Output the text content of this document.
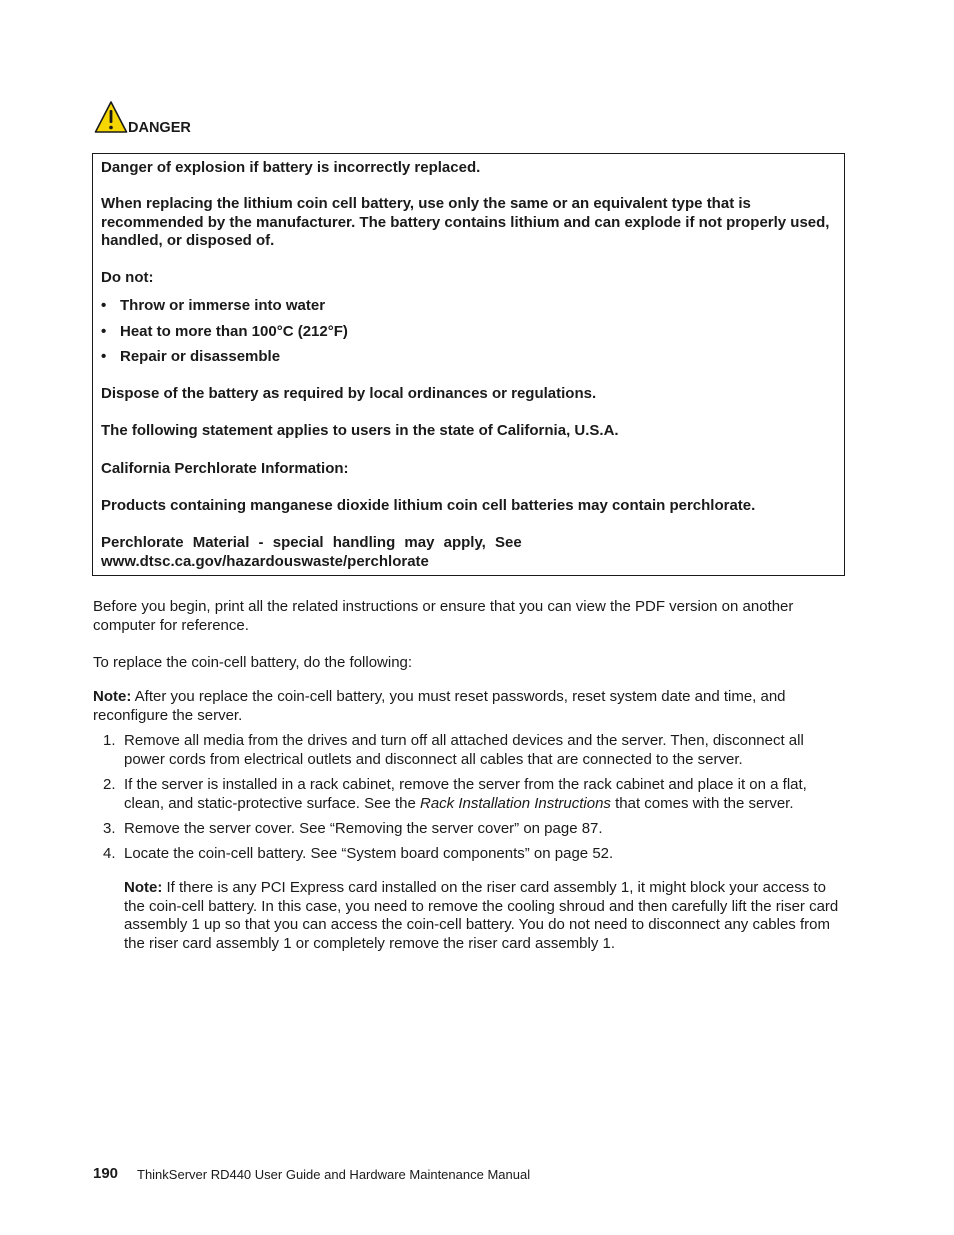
DANGER

Danger of explosion if battery is incorrectly replaced.

When replacing the lithium coin cell battery, use only the same or an equivalent type that is recommended by the manufacturer. The battery contains lithium and can explode if not properly used, handled, or disposed of.

Do not:

• Throw or immerse into water
• Heat to more than 100°C (212°F)
• Repair or disassemble

Dispose of the battery as required by local ordinances or regulations.

The following statement applies to users in the state of California, U.S.A.

California Perchlorate Information:

Products containing manganese dioxide lithium coin cell batteries may contain perchlorate.

Perchlorate Material - special handling may apply, See

www.dtsc.ca.gov/hazardouswaste/perchlorate

Before you begin, print all the related instructions or ensure that you can view the PDF version on another computer for reference.

To replace the coin-cell battery, do the following:

Note: After you replace the coin-cell battery, you must reset passwords, reset system date and time, and reconfigure the server.

1. Remove all media from the drives and turn off all attached devices and the server. Then, disconnect all power cords from electrical outlets and disconnect all cables that are connected to the server.

2. If the server is installed in a rack cabinet, remove the server from the rack cabinet and place it on a flat, clean, and static-protective surface. See the Rack Installation Instructions that comes with the server.

3. Remove the server cover. See “Removing the server cover” on page 87.

4. Locate the coin-cell battery. See “System board components” on page 52.

Note: If there is any PCI Express card installed on the riser card assembly 1, it might block your access to the coin-cell battery. In this case, you need to remove the cooling shroud and then carefully lift the riser card assembly 1 up so that you can access the coin-cell battery. You do not need to disconnect any cables from the riser card assembly 1 or completely remove the riser card assembly 1.

190 ThinkServer RD440 User Guide and Hardware Maintenance Manual
